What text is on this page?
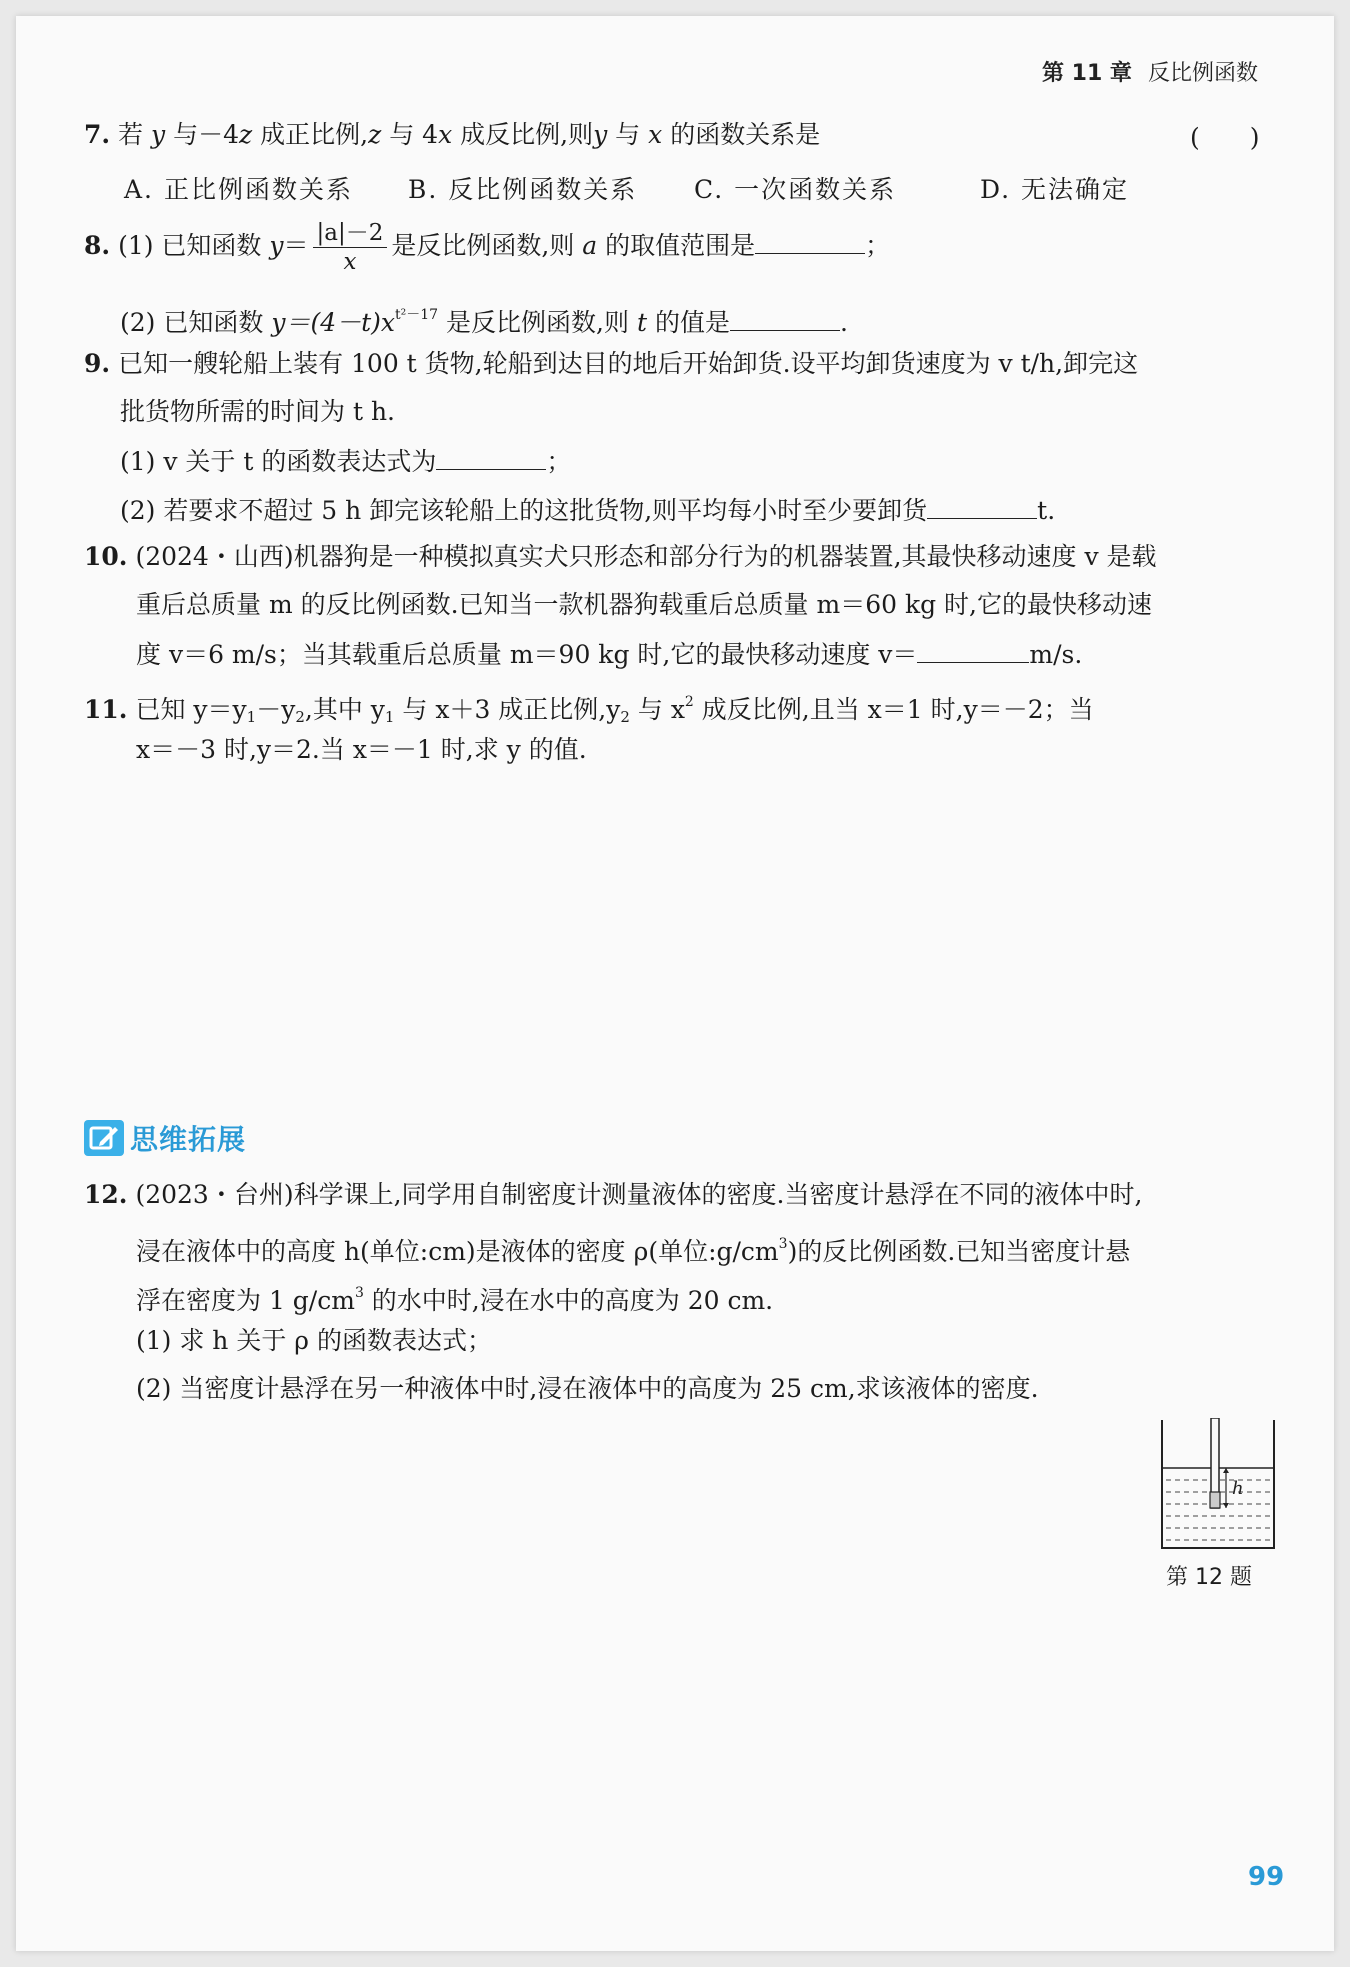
第 11 章 反比例函数
7. 若 y 与－4z 成正比例,z 与 4x 成反比例,则y 与 x 的函数关系是	(　　)
A. 正比例函数关系 B. 反比例函数关系 C. 一次函数关系	D. 无法确定
8. (1) 已知函数 $y= \frac{|a|-2}{x}$ 是反比例函数,则 a 的取值范围是	；
(2) 已知函数 $y=(4-t)x^{t^2-17}$ 是反比例函数,则 t 的值是	.
9. 已知一艘轮船上装有 100 t 货物,轮船到达目的地后开始卸货.设平均卸货速度为 v t/h,卸完这
批货物所需的时间为 t h.
(1) v 关于 t 的函数表达式为	；
(2) 若要求不超过 5 h 卸完该轮船上的这批货物,则平均每小时至少要卸货	t.
10. (2024・山西)机器狗是一种模拟真实犬只形态和部分行为的机器装置,其最快移动速度 v 是载
重后总质量 m 的反比例函数.已知当一款机器狗载重后总质量 m＝60 kg 时,它的最快移动速
度 v＝6 m/s；当其载重后总质量 m＝90 kg 时,它的最快移动速度 v＝	m/s.
11. 已知 $y=y_1-y_2$,其中 $y_1$ 与 x＋3 成正比例$,y_2$ 与 $x^2$ 成反比例,且当 x＝1 时,y＝－2；当
x＝－3 时,y＝2.当 x＝－1 时,求 y 的值.
思维拓展
12. (2023・台州)科学课上,同学用自制密度计测量液体的密度.当密度计悬浮在不同的液体中时,
浸在液体中的高度 h(单位:cm)是液体的密度 ρ(单位$:g/cm^3$)的反比例函数.已知当密度计悬
浮在密度为 1 $g/cm^3$ 的水中时,浸在水中的高度为 20 cm.
(1) 求 h 关于 ρ 的函数表达式；
(2) 当密度计悬浮在另一种液体中时,浸在液体中的高度为 25 cm,求该液体的密度.
h
第 12 题
99
